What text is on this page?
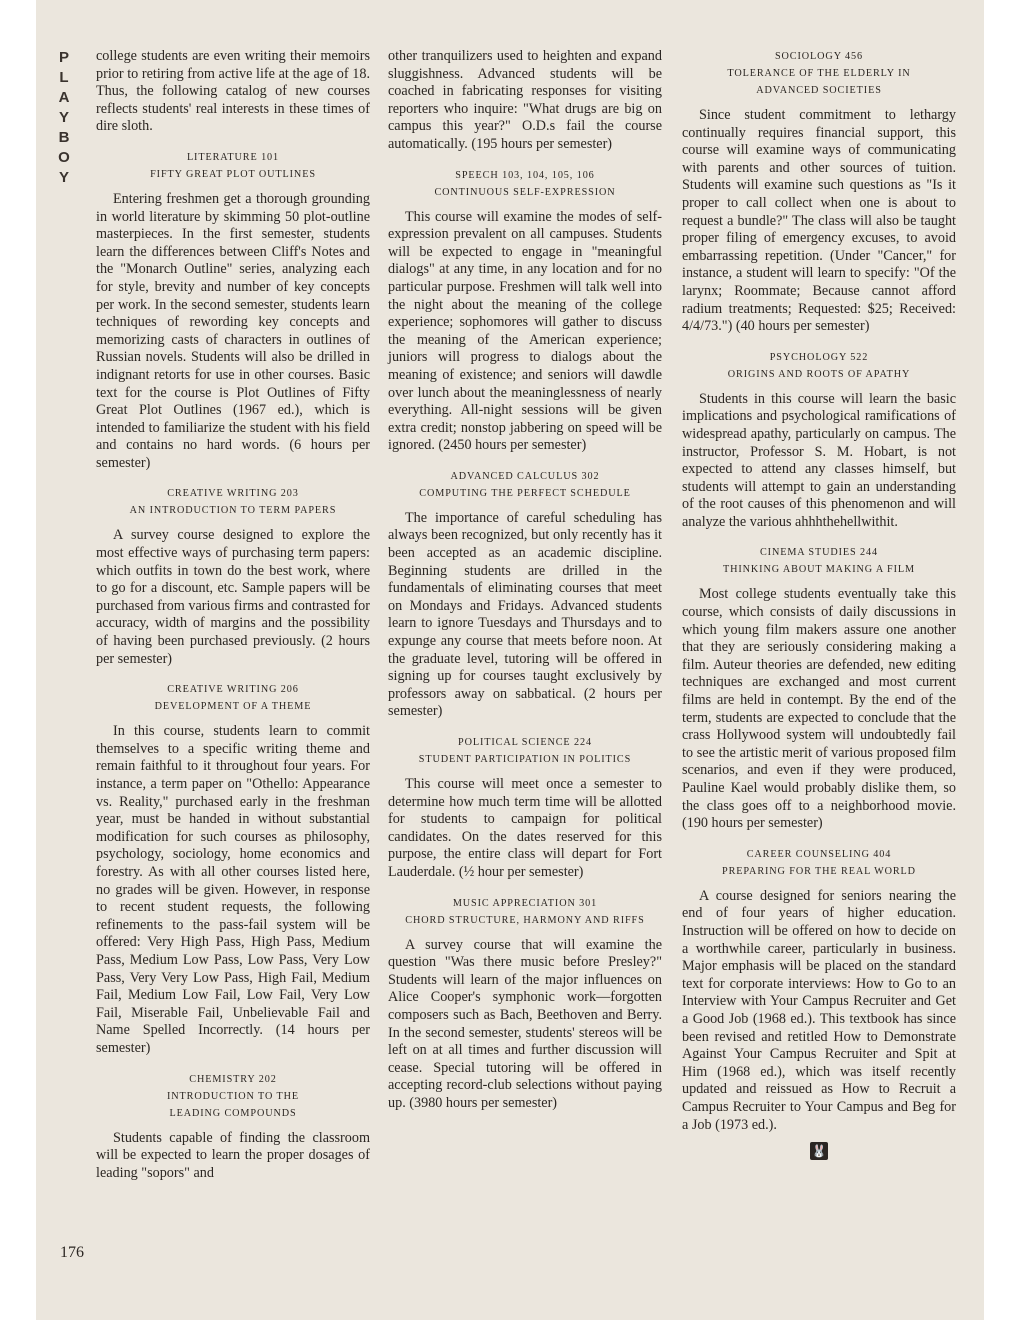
P
L
A
Y
B
O
Y
176

college students are even writing their memoirs prior to retiring from active life at the age of 18. Thus, the following catalog of new courses reflects students' real interests in these times of dire sloth.

LITERATURE 101
FIFTY GREAT PLOT OUTLINES

Entering freshmen get a thorough grounding in world literature by skimming 50 plot-outline masterpieces. In the first semester, students learn the differences between Cliff's Notes and the "Monarch Outline" series, analyzing each for style, brevity and number of key concepts per work. In the second semester, students learn techniques of rewording key concepts and memorizing casts of characters in outlines of Russian novels. Students will also be drilled in indignant retorts for use in other courses. Basic text for the course is Plot Outlines of Fifty Great Plot Outlines (1967 ed.), which is intended to familiarize the student with his field and contains no hard words. (6 hours per semester)

CREATIVE WRITING 203
AN INTRODUCTION TO TERM PAPERS

A survey course designed to explore the most effective ways of purchasing term papers: which outfits in town do the best work, where to go for a discount, etc. Sample papers will be purchased from various firms and contrasted for accuracy, width of margins and the possibility of having been purchased previously. (2 hours per semester)

CREATIVE WRITING 206
DEVELOPMENT OF A THEME

In this course, students learn to commit themselves to a specific writing theme and remain faithful to it throughout four years. For instance, a term paper on "Othello: Appearance vs. Reality," purchased early in the freshman year, must be handed in without substantial modification for such courses as philosophy, psychology, sociology, home economics and forestry. As with all other courses listed here, no grades will be given. However, in response to recent student requests, the following refinements to the pass-fail system will be offered: Very High Pass, High Pass, Medium Pass, Medium Low Pass, Low Pass, Very Low Pass, Very Very Low Pass, High Fail, Medium Fail, Medium Low Fail, Low Fail, Very Low Fail, Miserable Fail, Unbelievable Fail and Name Spelled Incorrectly. (14 hours per semester)

CHEMISTRY 202
INTRODUCTION TO THE
LEADING COMPOUNDS

Students capable of finding the classroom will be expected to learn the proper dosages of leading "sopors" and

other tranquilizers used to heighten and expand sluggishness. Advanced students will be coached in fabricating responses for visiting reporters who inquire: "What drugs are big on campus this year?" O.D.s fail the course automatically. (195 hours per semester)

SPEECH 103, 104, 105, 106
CONTINUOUS SELF-EXPRESSION

This course will examine the modes of self-expression prevalent on all campuses. Students will be expected to engage in "meaningful dialogs" at any time, in any location and for no particular purpose. Freshmen will talk well into the night about the meaning of the college experience; sophomores will gather to discuss the meaning of the American experience; juniors will progress to dialogs about the meaning of existence; and seniors will dawdle over lunch about the meaninglessness of nearly everything. All-night sessions will be given extra credit; nonstop jabbering on speed will be ignored. (2450 hours per semester)

ADVANCED CALCULUS 302
COMPUTING THE PERFECT SCHEDULE

The importance of careful scheduling has always been recognized, but only recently has it been accepted as an academic discipline. Beginning students are drilled in the fundamentals of eliminating courses that meet on Mondays and Fridays. Advanced students learn to ignore Tuesdays and Thursdays and to expunge any course that meets before noon. At the graduate level, tutoring will be offered in signing up for courses taught exclusively by professors away on sabbatical. (2 hours per semester)

POLITICAL SCIENCE 224
STUDENT PARTICIPATION IN POLITICS

This course will meet once a semester to determine how much term time will be allotted for students to campaign for political candidates. On the dates reserved for this purpose, the entire class will depart for Fort Lauderdale. (½ hour per semester)

MUSIC APPRECIATION 301
CHORD STRUCTURE, HARMONY AND RIFFS

A survey course that will examine the question "Was there music before Presley?" Students will learn of the major influences on Alice Cooper's symphonic work—forgotten composers such as Bach, Beethoven and Berry. In the second semester, students' stereos will be left on at all times and further discussion will cease. Special tutoring will be offered in accepting record-club selections without paying up. (3980 hours per semester)

SOCIOLOGY 456
TOLERANCE OF THE ELDERLY IN
ADVANCED SOCIETIES

Since student commitment to lethargy continually requires financial support, this course will examine ways of communicating with parents and other sources of tuition. Students will examine such questions as "Is it proper to call collect when one is about to request a bundle?" The class will also be taught proper filing of emergency excuses, to avoid embarrassing repetition. (Under "Cancer," for instance, a student will learn to specify: "Of the larynx; Roommate; Because cannot afford radium treatments; Requested: $25; Received: 4/4/73.") (40 hours per semester)

PSYCHOLOGY 522
ORIGINS AND ROOTS OF APATHY

Students in this course will learn the basic implications and psychological ramifications of widespread apathy, particularly on campus. The instructor, Professor S. M. Hobart, is not expected to attend any classes himself, but students will attempt to gain an understanding of the root causes of this phenomenon and will analyze the various ahhhthehellwithit.

CINEMA STUDIES 244
THINKING ABOUT MAKING A FILM

Most college students eventually take this course, which consists of daily discussions in which young film makers assure one another that they are seriously considering making a film. Auteur theories are defended, new editing techniques are exchanged and most current films are held in contempt. By the end of the term, students are expected to conclude that the crass Hollywood system will undoubtedly fail to see the artistic merit of various proposed film scenarios, and even if they were produced, Pauline Kael would probably dislike them, so the class goes off to a neighborhood movie. (190 hours per semester)

CAREER COUNSELING 404
PREPARING FOR THE REAL WORLD

A course designed for seniors nearing the end of four years of higher education. Instruction will be offered on how to decide on a worthwhile career, particularly in business. Major emphasis will be placed on the standard text for corporate interviews: How to Go to an Interview with Your Campus Recruiter and Get a Good Job (1968 ed.). This textbook has since been revised and retitled How to Demonstrate Against Your Campus Recruiter and Spit at Him (1968 ed.), which was itself recently updated and reissued as How to Recruit a Campus Recruiter to Your Campus and Beg for a Job (1973 ed.).

🐰
